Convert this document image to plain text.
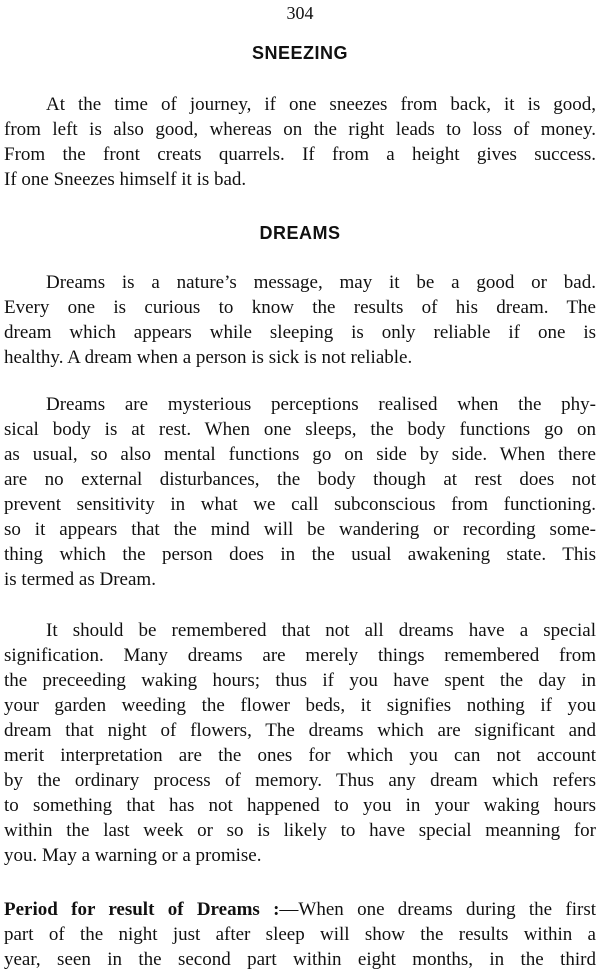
304
SNEEZING
At the time of journey, if one sneezes from back, it is good,
from left is also good, whereas on the right leads to loss of money.
From the front creats quarrels. If from a height gives success.
If one Sneezes himself it is bad.
DREAMS
Dreams is a nature’s message, may it be a good or bad.
Every one is curious to know the results of his dream. The
dream which appears while sleeping is only reliable if one is
healthy. A dream when a person is sick is not reliable.
Dreams are mysterious perceptions realised when the phy-
sical body is at rest. When one sleeps, the body functions go on
as usual, so also mental functions go on side by side. When there
are no external disturbances, the body though at rest does not
prevent sensitivity in what we call subconscious from functioning.
so it appears that the mind will be wandering or recording some-
thing which the person does in the usual awakening state. This
is termed as Dream.
It should be remembered that not all dreams have a special
signification. Many dreams are merely things remembered from
the preceeding waking hours; thus if you have spent the day in
your garden weeding the flower beds, it signifies nothing if you
dream that night of flowers, The dreams which are significant and
merit interpretation are the ones for which you can not account
by the ordinary process of memory. Thus any dream which refers
to something that has not happened to you in your waking hours
within the last week or so is likely to have special meanning for
you. May a warning or a promise.
Period for result of Dreams :—When one dreams during the first
part of the night just after sleep will show the results within a
year, seen in the second part within eight months, in the third
